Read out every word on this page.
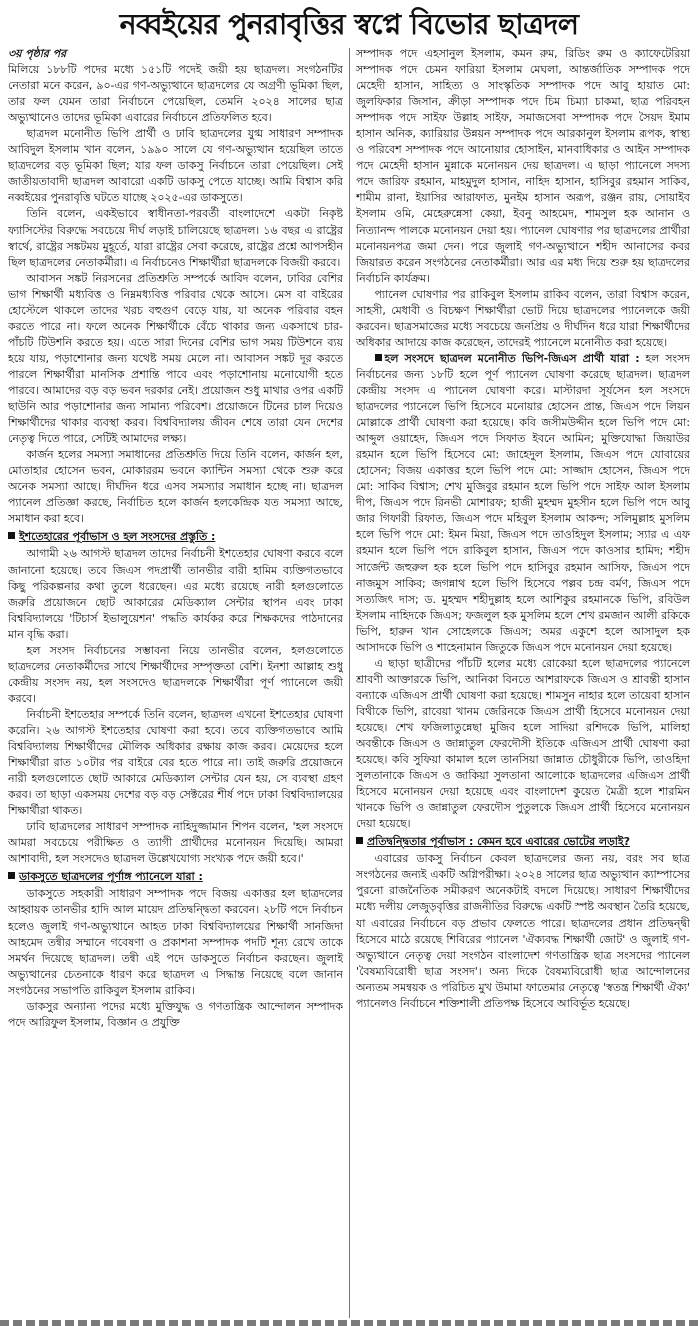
নব্বইয়ের পুনরাবৃত্তির স্বপ্নে বিভোর ছাত্রদল
৩য় পৃষ্ঠার পর

মিলিয়ে ১৮৮টি পদের মধ্যে ১৫১টি পদেই জয়ী হয় ছাত্রদল। সংগঠনটির নেতারা মনে করেন, ৯০-এর গণ-অভ্যুত্থানে ছাত্রদলের যে অগ্রণী ভূমিকা ছিল, তার ফল যেমন তারা নির্বাচনে পেয়েছিল, তেমনি ২০২৪ সালের ছাত্র অভ্যুত্থানেও তাদের ভূমিকা এবারের নির্বাচনে প্রতিফলিত হবে।

ছাত্রদল মনোনীত ভিপি প্রার্থী ও ঢাবি ছাত্রদলের যুগ্ম সাধারণ সম্পাদক আবিদুল ইসলাম খান বলেন, ১৯৯০ সালে যে গণ-অভ্যুত্থান হয়েছিল তাতে ছাত্রদলের বড় ভূমিকা ছিল; যার ফল ডাকসু নির্বাচনে তারা পেয়েছিল। সেই জাতীয়তাবাদী ছাত্রদল আবারো একটি ডাকসু পেতে যাচ্ছে। আমি বিশ্বাস করি নব্বইয়ের পুনরাবৃত্তি ঘটতে যাচ্ছে ২০২৫-এর ডাকসুতে।

তিনি বলেন, একইভাবে স্বাধীনতা-পরবর্তী বাংলাদেশে একটা নিকৃষ্ট ফ্যাসিস্টের বিরুদ্ধে সবচেয়ে দীর্ঘ লড়াই চালিয়েছে ছাত্রদল। ১৬ বছর এ রাষ্ট্রের স্বার্থে, রাষ্ট্রের সঙ্কটময় মুহূর্তে, যারা রাষ্ট্রের সেবা করেছে, রাষ্ট্রের প্রশ্নে আপসহীন ছিল ছাত্রদলের নেতাকর্মীরা। এ নির্বাচনেও শিক্ষার্থীরা ছাত্রদলকে বিজয়ী করবে।

আবাসন সঙ্কট নিরসনের প্রতিশ্রুতি সম্পর্কে আবিদ বলেন, ঢাবির বেশির ভাগ শিক্ষার্থী মধ্যবিত্ত ও নিম্নমধ্যবিত্ত পরিবার থেকে আসে। মেস বা বাইরের হোস্টেলে থাকলে তাদের খরচ বহুগুণ বেড়ে যায়, যা অনেক পরিবার বহন করতে পারে না। ফলে অনেক শিক্ষার্থীকে বেঁচে থাকার জন্য একসাথে চার-পাঁচটি টিউশনি করতে হয়। এতে সারা দিনের বেশির ভাগ সময় টিউশনে ব্যয় হয়ে যায়, পড়াশোনার জন্য যথেষ্ট সময় মেলে না। আবাসন সঙ্কট দূর করতে পারলে শিক্ষার্থীরা মানসিক প্রশান্তি পাবে এবং পড়াশোনায় মনোযোগী হতে পারবে। আমাদের বড় বড় ভবন দরকার নেই। প্রয়োজন শুধু মাথার ওপর একটি ছাউনি আর পড়াশোনার জন্য সামান্য পরিবেশ। প্রয়োজনে টিনের চাল দিয়েও শিক্ষার্থীদের থাকার ব্যবস্থা করব। বিশ্ববিদ্যালয় জীবন শেষে তারা যেন দেশের নেতৃত্ব দিতে পারে, সেটিই আমাদের লক্ষ্য।

কার্জন হলের সমস্যা সমাধানের প্রতিশ্রুতি দিয়ে তিনি বলেন, কার্জন হল, মোতাহার হোসেন ভবন, মোকাররম ভবনে ক্যান্টিন সমস্যা থেকে শুরু করে অনেক সমস্যা আছে। দীর্ঘদিন ধরে এসব সমস্যার সমাধান হচ্ছে না। ছাত্রদল প্যানেল প্রতিজ্ঞা করছে, নির্বাচিত হলে কার্জন হলকেন্দ্রিক যত সমস্যা আছে, সমাধান করা হবে।

ইশতেহারের পূর্বাভাস ও হল সংসদের প্রস্তুতি :

আগামী ২৬ আগস্ট ছাত্রদল তাদের নির্বাচনী ইশতেহার ঘোষণা করবে বলে জানানো হয়েছে। তবে জিএস পদপ্রার্থী তানভীর বারী হামিম ব্যক্তিগতভাবে কিছু পরিকল্পনার কথা তুলে ধরেছেন। এর মধ্যে রয়েছে নারী হলগুলোতে জরুরি প্রয়োজনে ছোট আকারের মেডিক্যাল সেন্টার স্থাপন এবং ঢাকা বিশ্ববিদ্যালয়ে 'টিচার্স ইভালুয়েশন' পদ্ধতি কার্যকর করে শিক্ষকদের পাঠদানের মান বৃদ্ধি করা।

হল সংসদ নির্বাচনের সম্ভাবনা নিয়ে তানভীর বলেন, হলগুলোতে ছাত্রদলের নেতাকর্মীদের সাথে শিক্ষার্থীদের সম্পৃক্ততা বেশি। ইনশা আল্লাহ শুধু কেন্দ্রীয় সংসদ নয়, হল সংসদেও ছাত্রদলকে শিক্ষার্থীরা পূর্ণ প্যানেলে জয়ী করবে।

নির্বাচনী ইশতেহার সম্পর্কে তিনি বলেন, ছাত্রদল এখনো ইশতেহার ঘোষণা করেনি। ২৬ আগস্ট ইশতেহার ঘোষণা করা হবে। তবে ব্যক্তিগতভাবে আমি বিশ্ববিদ্যালয় শিক্ষার্থীদের মৌলিক অধিকার রক্ষায় কাজ করব। মেয়েদের হলে শিক্ষার্থীরা রাত ১০টার পর বাইরে বের হতে পারে না। তাই জরুরি প্রয়োজনে নারী হলগুলোতে ছোট আকারে মেডিক্যাল সেন্টার যেন হয়, সে ব্যবস্থা গ্রহণ করব। তা ছাড়া একসময় দেশের বড় বড় সেক্টরের শীর্ষ পদে ঢাকা বিশ্ববিদ্যালয়ের শিক্ষার্থীরা থাকত।

ঢাবি ছাত্রদলের সাধারণ সম্পাদক নাহিদুজ্জামান শিপন বলেন, 'হল সংসদে আমরা সবচেয়ে পরীক্ষিত ও ত্যাগী প্রার্থীদের মনোনয়ন দিয়েছি। আমরা আশাবাদী, হল সংসদেও ছাত্রদল উল্লেখযোগ্য সংখ্যক পদে জয়ী হবে।'

ডাকসুতে ছাত্রদলের পূর্ণাঙ্গ প্যানেলে যারা :

ডাকসুতে সহকারী সাধারণ সম্পাদক পদে বিজয় একাত্তর হল ছাত্রদলের আহ্বায়ক তানভীর হাদি আল মায়েদ প্রতিদ্বন্দ্বিতা করবেন। ২৮টি পদে নির্বাচন হলেও জুলাই গণ-অভ্যুত্থানে আহত ঢাকা বিশ্ববিদ্যালয়ের শিক্ষার্থী সানজিদা আহমেদ তন্বীর সম্মানে গবেষণা ও প্রকাশনা সম্পাদক পদটি শূন্য রেখে তাকে সমর্থন দিয়েছে ছাত্রদল। তন্বী এই পদে ডাকসুতে নির্বাচন করছেন। জুলাই অভ্যুত্থানের চেতনাকে ধারণ করে ছাত্রদল এ সিদ্ধান্ত নিয়েছে বলে জানান সংগঠনের সভাপতি রাকিবুল ইসলাম রাকিব।

ডাকসুর অন্যান্য পদের মধ্যে মুক্তিযুদ্ধ ও গণতান্ত্রিক আন্দোলন সম্পাদক পদে আরিফুল ইসলাম, বিজ্ঞান ও প্রযুক্তি

সম্পাদক পদে এহসানুল ইসলাম, কমন রুম, রিডিং রুম ও ক্যাফেটেরিয়া সম্পাদক পদে চেমন ফারিয়া ইসলাম মেঘলা, আন্তর্জাতিক সম্পাদক পদে মেহেদী হাসান, সাহিত্য ও সাংস্কৃতিক সম্পাদক পদে আবু হায়াত মো: জুলফিকার জিসান, ক্রীড়া সম্পাদক পদে চিম চিম্যা চাকমা, ছাত্র পরিবহন সম্পাদক পদে সাইফ উল্লাহ সাইফ, সমাজসেবা সম্পাদক পদে সৈয়দ ইমাম হাসান অনিক, ক্যারিয়ার উন্নয়ন সম্পাদক পদে আরকানুল ইসলাম রূপক, স্বাস্থ্য ও পরিবেশ সম্পাদক পদে আনোয়ার হোসাইন, মানবাধিকার ও আইন সম্পাদক পদে মেহেদী হাসান মুন্নাকে মনোনয়ন দেয় ছাত্রদল। এ ছাড়া প্যানেলে সদস্য পদে জারিফ রহমান, মাহমুদুল হাসান, নাহিদ হাসান, হাসিবুর রহমান সাকিব, শামীম রানা, ইয়াসির আরাফাত, মুনইম হাসান অরূপ, রঞ্জন রায়, সোয়াইব ইসলাম ওমি, মেহেরুন্নেসা কেয়া, ইবনু আহমেদ, শামসুল হক আনান ও নিত্যানন্দ পালকে মনোনয়ন দেয়া হয়। প্যানেল ঘোষণার পর ছাত্রদলের প্রার্থীরা মনোনয়নপত্র জমা দেন। পরে জুলাই গণ-অভ্যুত্থানে শহীদ আনাসের কবর জিয়ারত করেন সংগঠনের নেতাকর্মীরা। আর এর মধ্য দিয়ে শুরু হয় ছাত্রদলের নির্বাচনি কার্যক্রম।

প্যানেল ঘোষণার পর রাকিবুল ইসলাম রাকিব বলেন, তারা বিশ্বাস করেন, সাহসী, মেধাবী ও বিচক্ষণ শিক্ষার্থীরা ভোট দিয়ে ছাত্রদলের প্যানেলকে জয়ী করবেন। ছাত্রসমাজের মধ্যে সবচেয়ে জনপ্রিয় ও দীর্ঘদিন ধরে যারা শিক্ষার্থীদের অধিকার আদায়ে কাজ করেছেন, তাদেরই প্যানেলে মনোনীত করা হয়েছে।

হল সংসদে ছাত্রদল মনোনীত ভিপি-জিএস প্রার্থী যারা : হল সংসদ নির্বাচনের জন্য ১৮টি হলে পূর্ণ প্যানেল ঘোষণা করেছে ছাত্রদল। ছাত্রদল কেন্দ্রীয় সংসদ এ প্যানেল ঘোষণা করে। মাস্টারদা সূর্যসেন হল সংসদে ছাত্রদলের প্যানেলে ভিপি হিসেবে মনোয়ার হোসেন প্রান্ত, জিএস পদে লিয়ন মোল্লাকে প্রার্থী ঘোষণা করা হয়েছে। কবি জসীমউদ্দীন হলে ভিপি পদে মো: আব্দুল ওয়াহেদ, জিএস পদে সিফাত ইবনে আমিন; মুক্তিযোদ্ধা জিয়াউর রহমান হলে ভিপি হিসেবে মো: জাহেদুল ইসলাম, জিএস পদে যোবায়ের হোসেন; বিজয় একাত্তর হলে ভিপি পদে মো: সাজ্জাদ হোসেন, জিএস পদে মো: সাকিব বিশ্বাস; শেখ মুজিবুর রহমান হলে ভিপি পদে সাইফ আল ইসলাম দীপ, জিএস পদে রিনভী মোশারফ; হাজী মুহম্মদ মুহসীন হলে ভিপি পদে আবু জার গিফারী রিফাত, জিএস পদে মহিবুল ইসলাম আকন্দ; সলিমুল্লাহ মুসলিম হলে ভিপি পদে মো: ইমন মিয়া, জিএস পদে তাওহিদুল ইসলাম; স্যার এ এফ রহমান হলে ভিপি পদে রাকিবুল হাসান, জিএস পদে কাওসার হামিদ; শহীদ সার্জেন্ট জহুরুল হক হলে ভিপি পদে হাসিবুর রহমান আসিফ, জিএস পদে নাজমুস সাকিব; জগন্নাথ হলে ভিপি হিসেবে পল্লব চন্দ্র বর্মণ, জিএস পদে সত্যজিৎ দাস; ড. মুহম্মদ শহীদুল্লাহ হলে আশিকুর রহমানকে ভিপি, রবিউল ইসলাম নাহিদকে জিএস; ফজলুল হক মুসলিম হলে শেখ রমজান আলী রকিকে ভিপি, হারুন খান সোহেলকে জিএস; অমর একুশে হলে আসাদুল হক আসাদকে ভিপি ও শাহেনামান জিতুকে জিএস পদে মনোনয়ন দেয়া হয়েছে।

এ ছাড়া ছাত্রীদের পাঁচটি হলের মধ্যে রোকেয়া হলে ছাত্রদলের প্যানেলে শ্রাবণী আক্তারকে ভিপি, আনিকা বিনতে আশরাফকে জিএস ও শ্রাবন্তী হাসান বন্যাকে এজিএস প্রার্থী ঘোষণা করা হয়েছে। শামসুন নাহার হলে তায়েবা হাসান বিথীকে ভিপি, রাবেয়া খানম জেরিনকে জিএস প্রার্থী হিসেবে মনোনয়ন দেয়া হয়েছে। শেখ ফজিলাতুন্নেছা মুজিব হলে সাদিয়া রশিদকে ভিপি, মালিহা অবন্তীকে জিএস ও জান্নাতুল ফেরদৌসী ইতিকে এজিএস প্রার্থী ঘোষণা করা হয়েছে। কবি সুফিয়া কামাল হলে তানসিয়া জান্নাত চৌধুরীকে ভিপি, তাওহিদা সুলতানাকে জিএস ও জাকিয়া সুলতানা আলোকে ছাত্রদলের এজিএস প্রার্থী হিসেবে মনোনয়ন দেয়া হয়েছে এবং বাংলাদেশ কুয়েত মৈত্রী হলে শারমিন খানকে ভিপি ও জান্নাতুল ফেরদৌস পুতুলকে জিএস প্রার্থী হিসেবে মনোনয়ন দেয়া হয়েছে।

প্রতিদ্বন্দ্বিতার পূর্বাভাস : কেমন হবে এবারের ভোটের লড়াই?

এবারের ডাকসু নির্বাচন কেবল ছাত্রদলের জন্য নয়, বরং সব ছাত্র সংগঠনের জন্যই একটি অগ্নিপরীক্ষা। ২০২৪ সালের ছাত্র অভ্যুত্থান ক্যাম্পাসের পুরনো রাজনৈতিক সমীকরণ অনেকটাই বদলে দিয়েছে। সাধারণ শিক্ষার্থীদের মধ্যে দলীয় লেজুড়বৃত্তির রাজনীতির বিরুদ্ধে একটি স্পষ্ট অবস্থান তৈরি হয়েছে, যা এবারের নির্বাচনে বড় প্রভাব ফেলতে পারে। ছাত্রদলের প্রধান প্রতিদ্বন্দ্বী হিসেবে মাঠে রয়েছে শিবিরের প্যানেল 'ঐক্যবদ্ধ শিক্ষার্থী জোট' ও জুলাই গণ-অভ্যুত্থানে নেতৃত্ব দেয়া সংগঠন বাংলাদেশ গণতান্ত্রিক ছাত্র সংসদের প্যানেল 'বৈষম্যবিরোধী ছাত্র সংসদ'। অন্য দিকে বৈষম্যবিরোধী ছাত্র আন্দোলনের অন্যতম সমন্বয়ক ও পরিচিত মুখ উমামা ফাতেমার নেতৃত্বে 'স্বতন্ত্র শিক্ষার্থী ঐক্য' প্যানেলও নির্বাচনে শক্তিশালী প্রতিপক্ষ হিসেবে আবির্ভূত হয়েছে।
